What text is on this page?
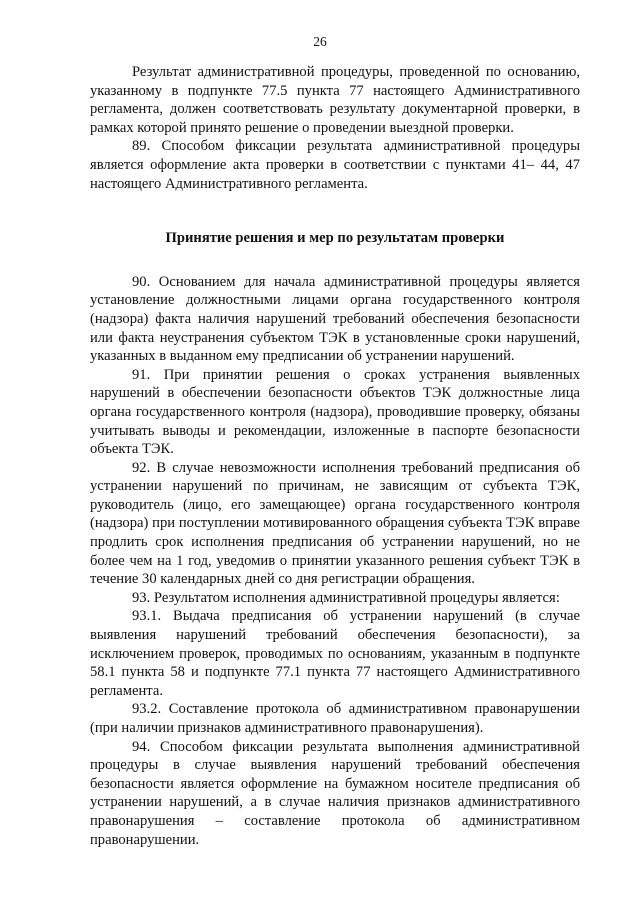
26

Результат административной процедуры, проведенной по основанию, указанному в подпункте 77.5 пункта 77 настоящего Административного регламента, должен соответствовать результату документарной проверки, в рамках которой принято решение о проведении выездной проверки.

89. Способом фиксации результата административной процедуры является оформление акта проверки в соответствии с пунктами 41– 44, 47 настоящего Административного регламента.

Принятие решения и мер по результатам проверки

90. Основанием для начала административной процедуры является установление должностными лицами органа государственного контроля (надзора) факта наличия нарушений требований обеспечения безопасности или факта неустранения субъектом ТЭК в установленные сроки нарушений, указанных в выданном ему предписании об устранении нарушений.

91. При принятии решения о сроках устранения выявленных нарушений в обеспечении безопасности объектов ТЭК должностные лица органа государственного контроля (надзора), проводившие проверку, обязаны учитывать выводы и рекомендации, изложенные в паспорте безопасности объекта ТЭК.

92. В случае невозможности исполнения требований предписания об устранении нарушений по причинам, не зависящим от субъекта ТЭК, руководитель (лицо, его замещающее) органа государственного контроля (надзора) при поступлении мотивированного обращения субъекта ТЭК вправе продлить срок исполнения предписания об устранении нарушений, но не более чем на 1 год, уведомив о принятии указанного решения субъект ТЭК в течение 30 календарных дней со дня регистрации обращения.

93. Результатом исполнения административной процедуры является:

93.1. Выдача предписания об устранении нарушений (в случае выявления нарушений требований обеспечения безопасности), за исключением проверок, проводимых по основаниям, указанным в подпункте 58.1 пункта 58 и подпункте 77.1 пункта 77 настоящего Административного регламента.

93.2. Составление протокола об административном правонарушении (при наличии признаков административного правонарушения).

94. Способом фиксации результата выполнения административной процедуры в случае выявления нарушений требований обеспечения безопасности является оформление на бумажном носителе предписания об устранении нарушений, а в случае наличия признаков административного правонарушения – составление протокола об административном правонарушении.
